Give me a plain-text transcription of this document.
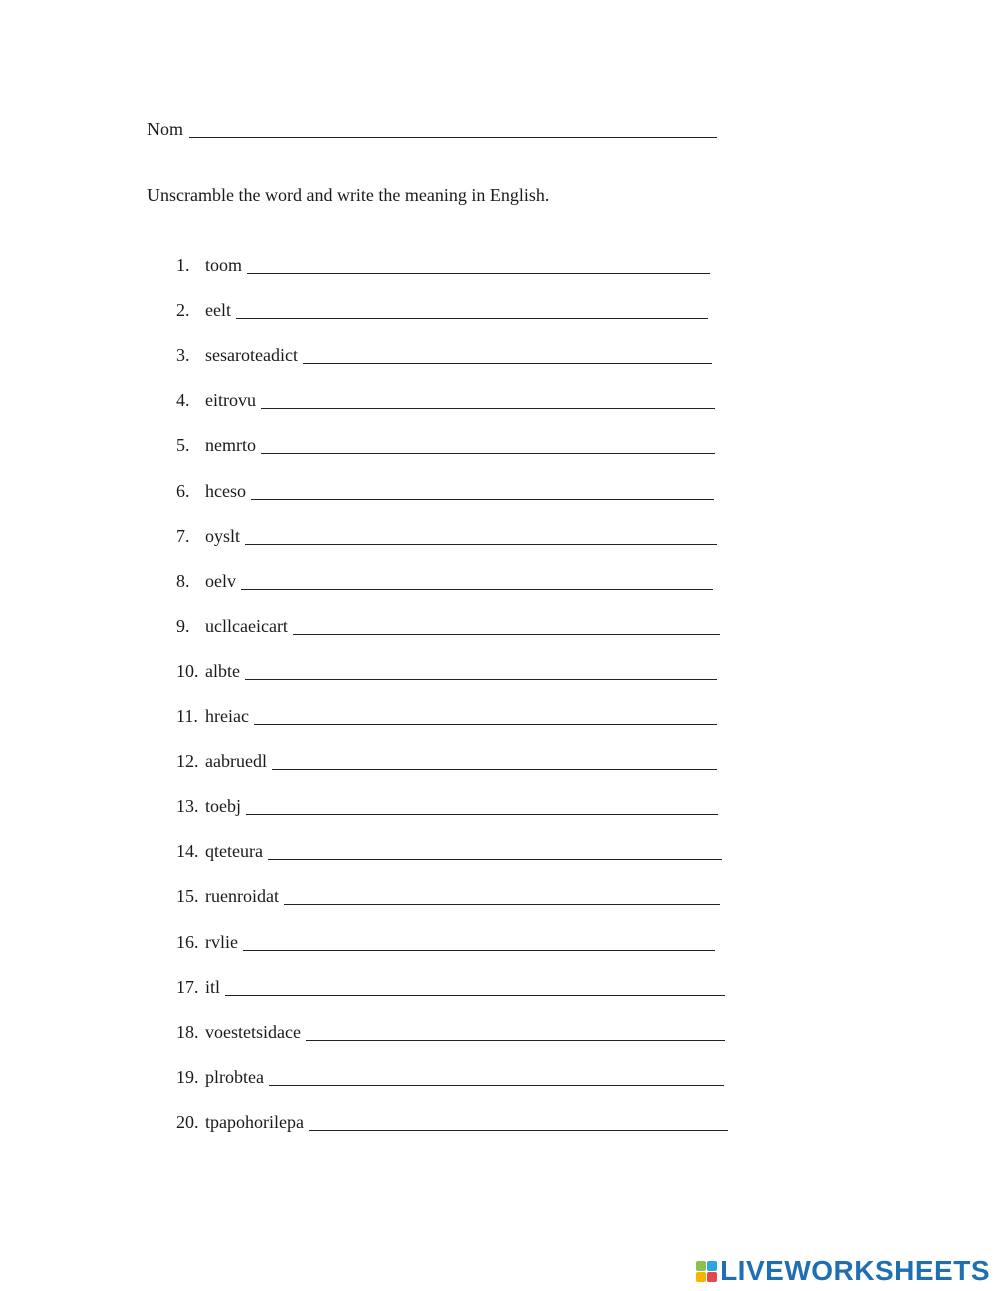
Nom
Unscramble the word and write the meaning in English.
1. toom
2. eelt
3. sesaroteadict
4. eitrovu
5. nemrto
6. hceso
7. oyslt
8. oelv
9. ucllcaeicart
10. albte
11. hreiac
12. aabruedl
13. toebj
14. qteteura
15. ruenroidat
16. rvlie
17. itl
18. voestetsidace
19. plrobtea
20. tpapohorilepa
LIVEWORKSHEETS
